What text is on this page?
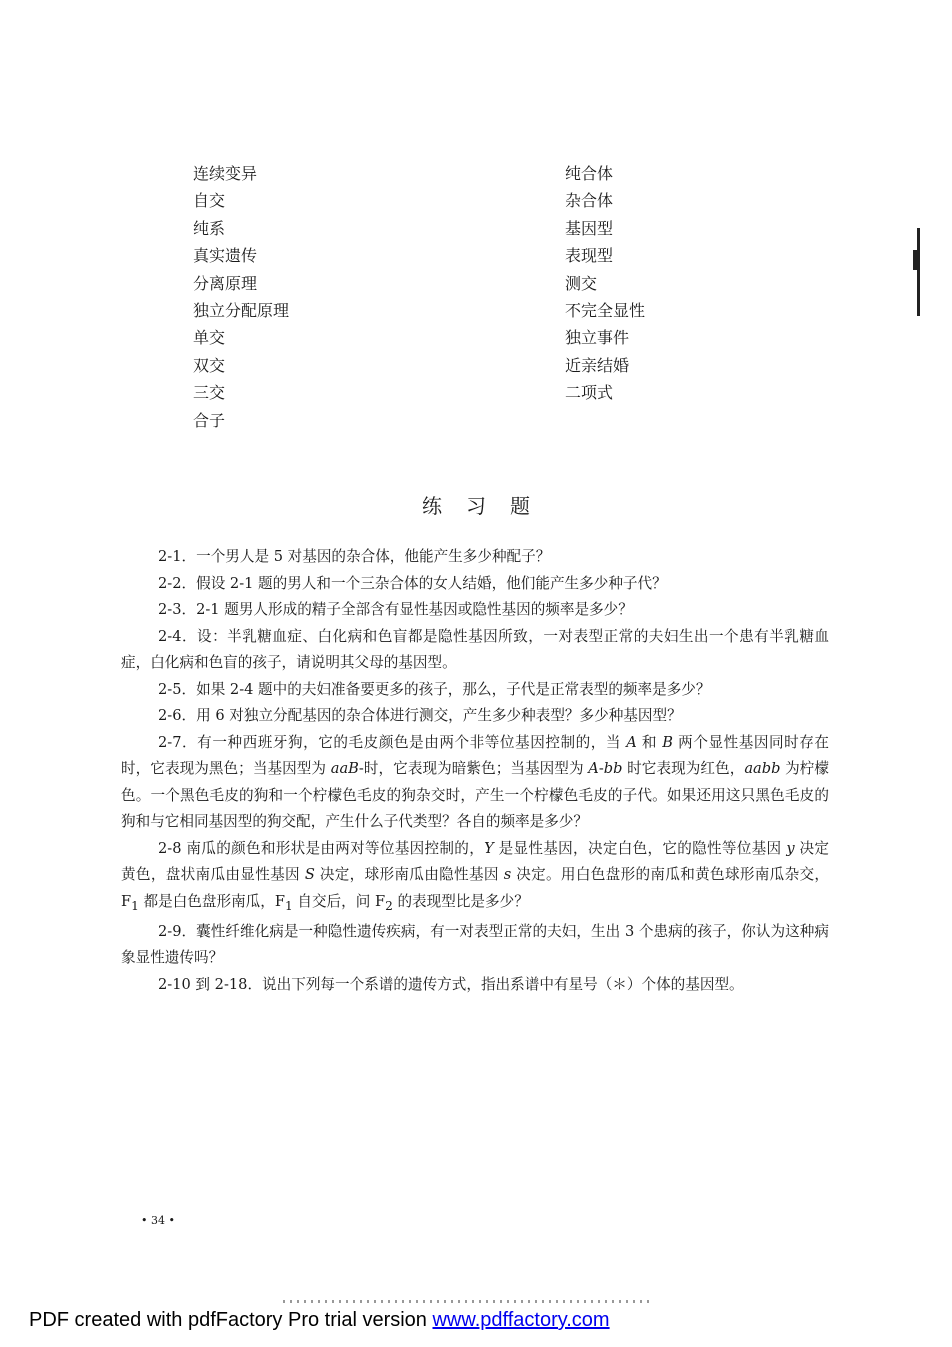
连续变异
自交
纯系
真实遗传
分离原理
独立分配原理
单交
双交
三交
合子
纯合体
杂合体
基因型
表现型
测交
不完全显性
独立事件
近亲结婚
二项式
练习题

2-1．一个男人是 5 对基因的杂合体，他能产生多少种配子？

2-2．假设 2-1 题的男人和一个三杂合体的女人结婚，他们能产生多少种子代？

2-3．2-1 题男人形成的精子全部含有显性基因或隐性基因的频率是多少？

2-4．设：半乳糖血症、白化病和色盲都是隐性基因所致，一对表型正常的夫妇生出一个患有半乳糖血症，白化病和色盲的孩子，请说明其父母的基因型。

2-5．如果 2-4 题中的夫妇准备要更多的孩子，那么，子代是正常表型的频率是多少？

2-6．用 6 对独立分配基因的杂合体进行测交，产生多少种表型？多少种基因型？

2-7．有一种西班牙狗，它的毛皮颜色是由两个非等位基因控制的，当 A 和 B 两个显性基因同时存在时，它表现为黑色；当基因型为 aaB-时，它表现为暗紫色；当基因型为 A-bb 时它表现为红色，aabb 为柠檬色。一个黑色毛皮的狗和一个柠檬色毛皮的狗杂交时，产生一个柠檬色毛皮的子代。如果还用这只黑色毛皮的狗和与它相同基因型的狗交配，产生什么子代类型？各自的频率是多少？

2-8 南瓜的颜色和形状是由两对等位基因控制的，Y 是显性基因，决定白色，它的隐性等位基因 y 决定黄色，盘状南瓜由显性基因 S 决定，球形南瓜由隐性基因 s 决定。用白色盘形的南瓜和黄色球形南瓜杂交，$F_1$ 都是白色盘形南瓜，$F_1$ 自交后，问 $F_2$ 的表现型比是多少？

2-9．囊性纤维化病是一种隐性遗传疾病，有一对表型正常的夫妇，生出 3 个患病的孩子，你认为这种病象显性遗传吗？

2-10 到 2-18．说出下列每一个系谱的遗传方式，指出系谱中有星号（＊）个体的基因型。

• 34 •
PDF created with pdfFactory Pro trial version www.pdffactory.com
